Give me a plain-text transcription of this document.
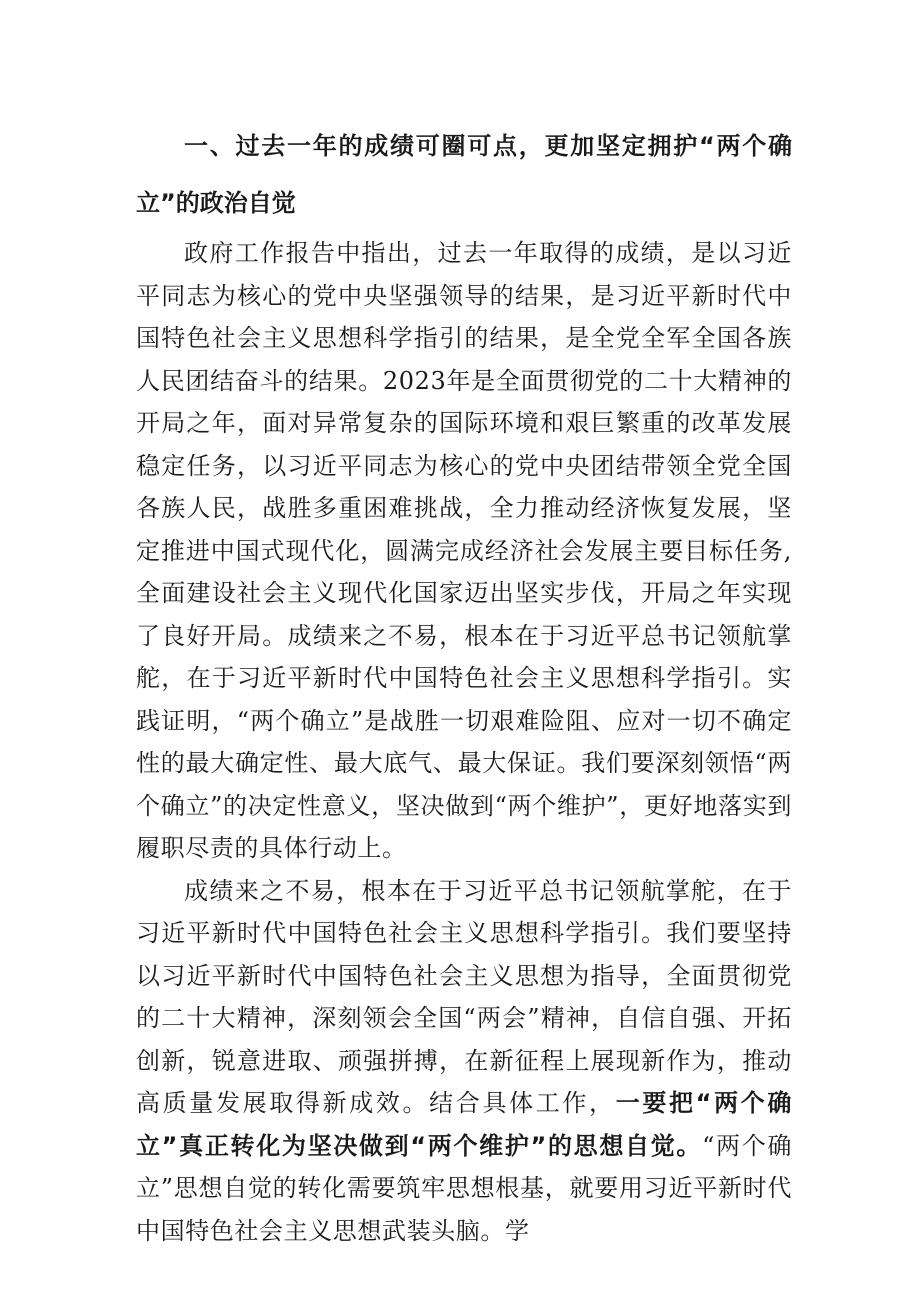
一、过去一年的成绩可圈可点，更加坚定拥护“两个确立”的政治自觉

政府工作报告中指出，过去一年取得的成绩，是以习近平同志为核心的党中央坚强领导的结果，是习近平新时代中国特色社会主义思想科学指引的结果，是全党全军全国各族人民团结奋斗的结果。2023年是全面贯彻党的二十大精神的开局之年，面对异常复杂的国际环境和艰巨繁重的改革发展稳定任务，以习近平同志为核心的党中央团结带领全党全国各族人民，战胜多重困难挑战，全力推动经济恢复发展，坚定推进中国式现代化，圆满完成经济社会发展主要目标任务,全面建设社会主义现代化国家迈出坚实步伐，开局之年实现了良好开局。成绩来之不易，根本在于习近平总书记领航掌舵，在于习近平新时代中国特色社会主义思想科学指引。实践证明，“两个确立”是战胜一切艰难险阻、应对一切不确定性的最大确定性、最大底气、最大保证。我们要深刻领悟“两个确立”的决定性意义，坚决做到“两个维护”，更好地落实到履职尽责的具体行动上。

成绩来之不易，根本在于习近平总书记领航掌舵，在于习近平新时代中国特色社会主义思想科学指引。我们要坚持以习近平新时代中国特色社会主义思想为指导，全面贯彻党的二十大精神，深刻领会全国“两会”精神，自信自强、开拓创新，锐意进取、顽强拼搏，在新征程上展现新作为，推动高质量发展取得新成效。结合具体工作，一要把“两个确立”真正转化为坚决做到“两个维护”的思想自觉。“两个确立”思想自觉的转化需要筑牢思想根基，就要用习近平新时代中国特色社会主义思想武装头脑。学
